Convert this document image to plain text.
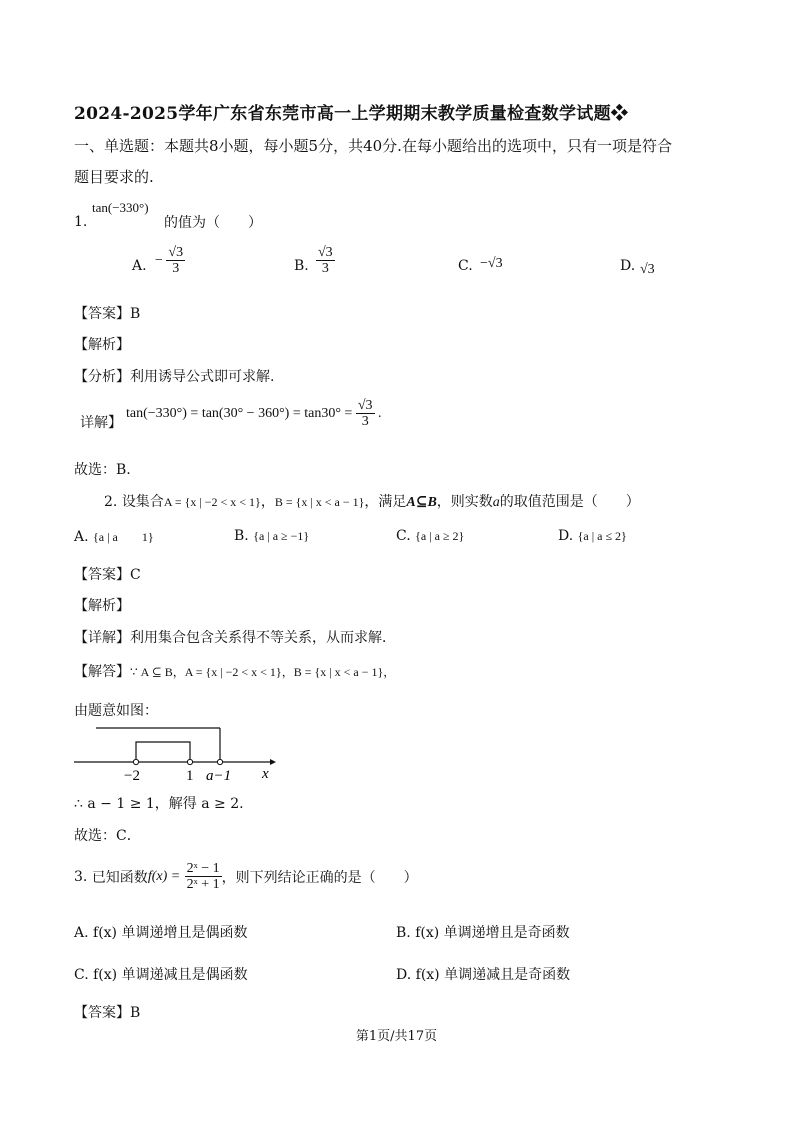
2024-2025学年广东省东莞市高一上学期期末教学质量检查数学试题❖
一、单选题：本题共8小题，每小题5分，共40分.在每小题给出的选项中，只有一项是符合
题目要求的.
1.
tan(−330°)
的值为（　　）
A. − $\frac{√3}{3}$	B. $\frac{√3}{3}$	C. −√3	D. √3
【答案】B
【解析】
【分析】利用诱导公式即可求解.
详解】
$\tan(-330^\circ) = \tan(30^\circ - 360^\circ) = \tan 30^\circ = \frac{√3}{3}$ .
故选：B.
2. 设集合A = {x | −2 < x < 1}，B = {x | x < a − 1}，满足A⊆B，则实数a的取值范围是（　　）
A. {a | a　　1}	B. {a | a ≥ −1}	C. {a | a ≥ 2}	D. {a | a ≤ 2}
【答案】C
【解析】
【详解】利用集合包含关系得不等关系，从而求解．
【解答】∵ A ⊆ B，A = {x | −2 < x < 1}，B = {x | x < a − 1}，
由题意如图：
−2	1 a−1 x
∴ a − 1 ≥ 1，解得 a ≥ 2.
故选：C．
3. 已知函数$f(x) = \frac{\text{2ˣ − 1}}{\text{2ˣ + 1}}$ ，则下列结论正确的是（　　）
A. f(x) 单调递增且是偶函数	B. f(x) 单调递增且是奇函数
C. f(x) 单调递减且是偶函数	D. f(x) 单调递减且是奇函数
【答案】B
第1页/共17页
